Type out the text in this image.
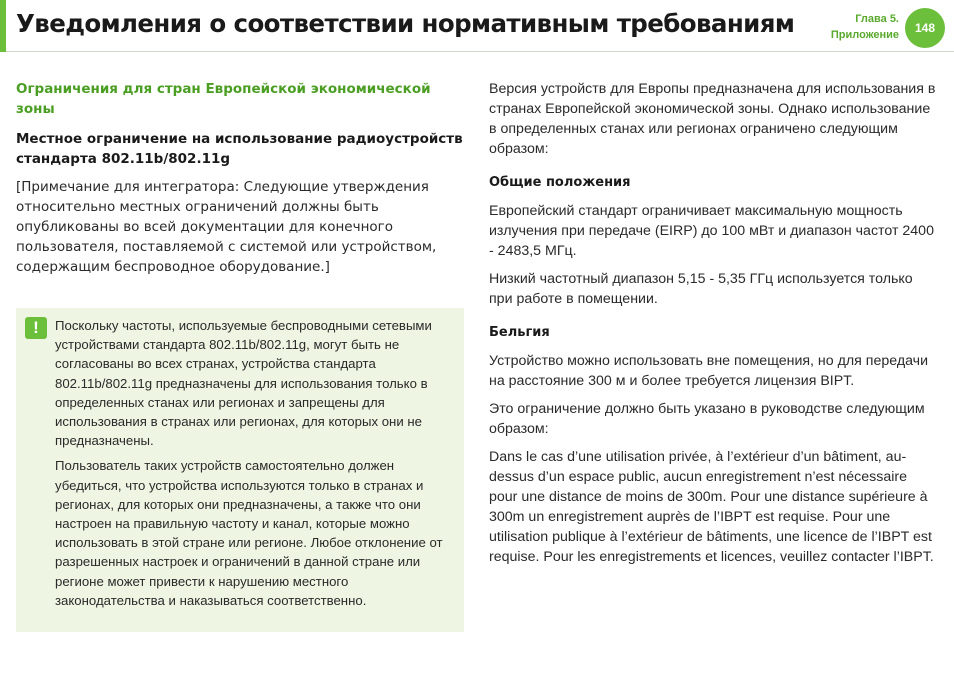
Уведомления о соответствии нормативным требованиям	Глава 5.
Приложение	148
Ограничения для стран Европейской экономической зоны
Местное ограничение на использование радиоустройств стандарта 802.11b/802.11g

[Примечание для интегратора: Следующие утверждения относительно местных ограничений должны быть опубликованы во всей документации для конечного пользователя, поставляемой с системой или устройством, содержащим беспроводное оборудование.]

!	Поскольку частоты, используемые беспроводными сетевыми устройствами стандарта 802.11b/802.11g, могут быть не согласованы во всех странах, устройства стандарта 802.11b/802.11g предназначены для использования только в определенных станах или регионах и запрещены для использования в странах или регионах, для которых они не предназначены.

Пользователь таких устройств самостоятельно должен убедиться, что устройства используются только в странах и регионах, для которых они предназначены, а также что они настроен на правильную частоту и канал, которые можно использовать в этой стране или регионе. Любое отклонение от разрешенных настроек и ограничений в данной стране или регионе может привести к нарушению местного законодательства и наказываться соответственно.

Версия устройств для Европы предназначена для использования в странах Европейской экономической зоны. Однако использование в определенных станах или регионах ограничено следующим образом:

Общие положения

Европейский стандарт ограничивает максимальную мощность излучения при передаче (EIRP) до 100 мВт и диапазон частот 2400 - 2483,5 МГц.

Низкий частотный диапазон 5,15 - 5,35 ГГц используется только при работе в помещении.

Бельгия

Устройство можно использовать вне помещения, но для передачи на расстояние 300 м и более требуется лицензия BIPT.

Это ограничение должно быть указано в руководстве следующим образом:

Dans le cas d’une utilisation privée, à l’extérieur d’un bâtiment, au-dessus d’un espace public, aucun enregistrement n’est nécessaire pour une distance de moins de 300m. Pour une distance supérieure à 300m un enregistrement auprès de l’IBPT est requise. Pour une utilisation publique à l’extérieur de bâtiments, une licence de l’IBPT est requise. Pour les enregistrements et licences, veuillez contacter l’IBPT.
